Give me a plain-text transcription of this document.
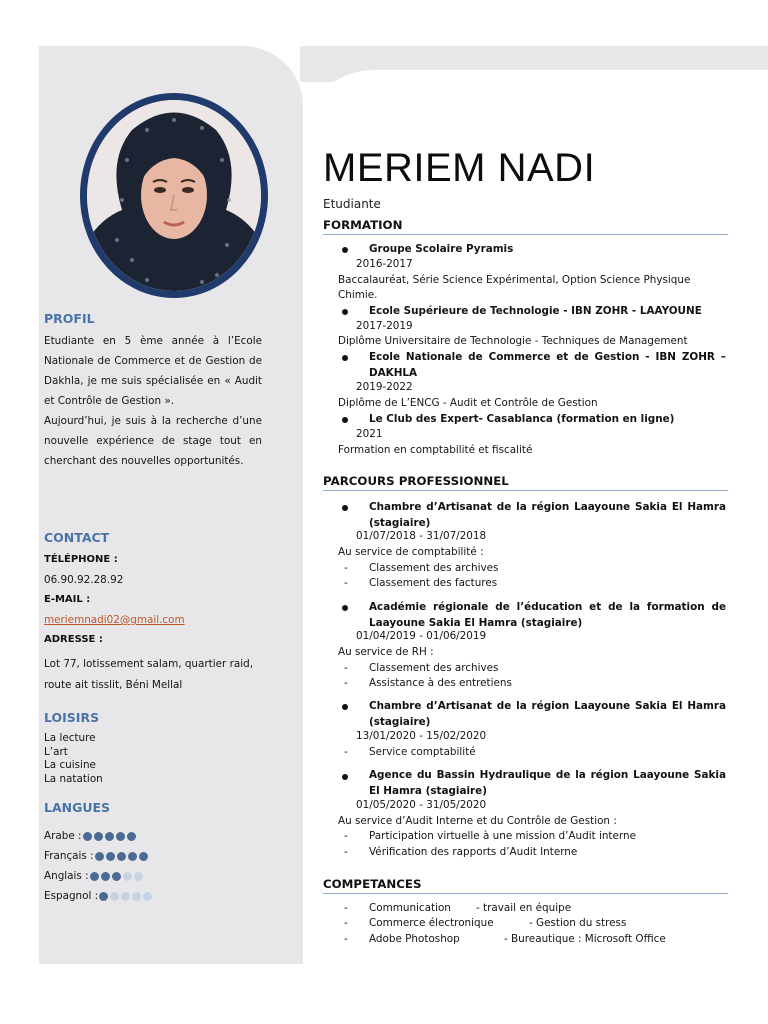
PROFIL
Etudiante en 5 ème année à l’Ecole Nationale de Commerce et de Gestion de Dakhla, je me suis spécialisée en « Audit et Contrôle de Gestion ».
Aujourd’hui, je suis à la recherche d’une nouvelle expérience de stage tout en cherchant des nouvelles opportunités.
CONTACT
TÉLÉPHONE :
06.90.92.28.92
E-MAIL :
meriemnadi02@gmail.com
ADRESSE :
Lot 77, lotissement salam, quartier raid, route ait tisslit, Béni Mellal
LOISIRS
La lecture
L’art
La cuisine
La natation
LANGUES
Arabe :
Français :
Anglais :
Espagnol :
MERIEM NADI
Etudiante
FORMATION
Groupe Scolaire Pyramis
2016-2017
Baccalauréat, Série Science Expérimental, Option Science Physique
Chimie.
Ecole Supérieure de Technologie - IBN ZOHR - LAAYOUNE
2017-2019
Diplôme Universitaire de Technologie - Techniques de Management
Ecole Nationale de Commerce et de Gestion - IBN ZOHR – DAKHLA
2019-2022
Diplôme de L’ENCG - Audit et Contrôle de Gestion
Le Club des Expert- Casablanca (formation en ligne)
2021
Formation en comptabilité et fiscalité
PARCOURS PROFESSIONNEL
Chambre d’Artisanat de la région Laayoune Sakia El Hamra (stagiaire)
01/07/2018 - 31/07/2018
Au service de comptabilité :
- Classement des archives
- Classement des factures
Académie régionale de l’éducation et de la formation de Laayoune Sakia El Hamra (stagiaire)
01/04/2019 - 01/06/2019
Au service de RH :
- Classement des archives
- Assistance à des entretiens
Chambre d’Artisanat de la région Laayoune Sakia El Hamra (stagiaire)
13/01/2020 - 15/02/2020
- Service comptabilité
Agence du Bassin Hydraulique de la région Laayoune Sakia El Hamra (stagiaire)
01/05/2020 - 31/05/2020
Au service d’Audit Interne et du Contrôle de Gestion :
- Participation virtuelle à une mission d’Audit interne
- Vérification des rapports d’Audit Interne
COMPETANCES
- Communication - travail en équipe
- Commerce électronique	- Gestion du stress
- Adobe Photoshop	- Bureautique : Microsoft Office
